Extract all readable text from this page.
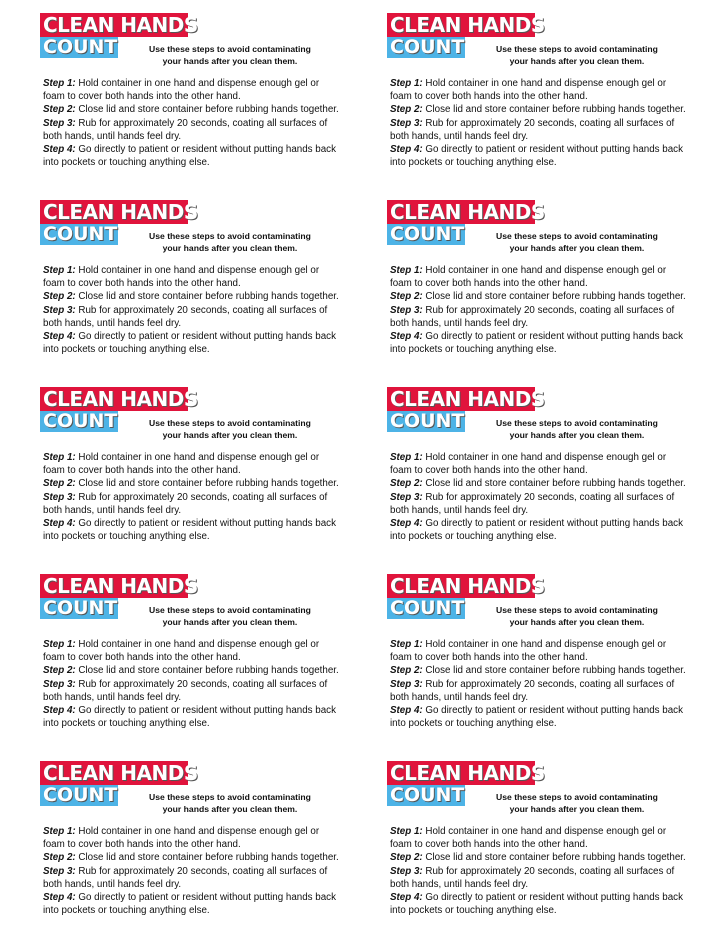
CLEAN HANDS
COUNT	Use these steps to avoid contaminating
your hands after you clean them.
Step 1: Hold container in one hand and dispense enough gel or foam to cover both hands into the other hand.
Step 2: Close lid and store container before rubbing hands together.
Step 3: Rub for approximately 20 seconds, coating all surfaces of both hands, until hands feel dry.
Step 4: Go directly to patient or resident without putting hands back into pockets or touching anything else.
CLEAN HANDS
COUNT	Use these steps to avoid contaminating
your hands after you clean them.
Step 1: Hold container in one hand and dispense enough gel or foam to cover both hands into the other hand.
Step 2: Close lid and store container before rubbing hands together.
Step 3: Rub for approximately 20 seconds, coating all surfaces of both hands, until hands feel dry.
Step 4: Go directly to patient or resident without putting hands back into pockets or touching anything else.
CLEAN HANDS
COUNT	Use these steps to avoid contaminating
your hands after you clean them.
Step 1: Hold container in one hand and dispense enough gel or foam to cover both hands into the other hand.
Step 2: Close lid and store container before rubbing hands together.
Step 3: Rub for approximately 20 seconds, coating all surfaces of both hands, until hands feel dry.
Step 4: Go directly to patient or resident without putting hands back into pockets or touching anything else.
CLEAN HANDS
COUNT	Use these steps to avoid contaminating
your hands after you clean them.
Step 1: Hold container in one hand and dispense enough gel or foam to cover both hands into the other hand.
Step 2: Close lid and store container before rubbing hands together.
Step 3: Rub for approximately 20 seconds, coating all surfaces of both hands, until hands feel dry.
Step 4: Go directly to patient or resident without putting hands back into pockets or touching anything else.
CLEAN HANDS
COUNT	Use these steps to avoid contaminating
your hands after you clean them.
Step 1: Hold container in one hand and dispense enough gel or foam to cover both hands into the other hand.
Step 2: Close lid and store container before rubbing hands together.
Step 3: Rub for approximately 20 seconds, coating all surfaces of both hands, until hands feel dry.
Step 4: Go directly to patient or resident without putting hands back into pockets or touching anything else.
CLEAN HANDS
COUNT	Use these steps to avoid contaminating
your hands after you clean them.
Step 1: Hold container in one hand and dispense enough gel or foam to cover both hands into the other hand.
Step 2: Close lid and store container before rubbing hands together.
Step 3: Rub for approximately 20 seconds, coating all surfaces of both hands, until hands feel dry.
Step 4: Go directly to patient or resident without putting hands back into pockets or touching anything else.
CLEAN HANDS
COUNT	Use these steps to avoid contaminating
your hands after you clean them.
Step 1: Hold container in one hand and dispense enough gel or foam to cover both hands into the other hand.
Step 2: Close lid and store container before rubbing hands together.
Step 3: Rub for approximately 20 seconds, coating all surfaces of both hands, until hands feel dry.
Step 4: Go directly to patient or resident without putting hands back into pockets or touching anything else.
CLEAN HANDS
COUNT	Use these steps to avoid contaminating
your hands after you clean them.
Step 1: Hold container in one hand and dispense enough gel or foam to cover both hands into the other hand.
Step 2: Close lid and store container before rubbing hands together.
Step 3: Rub for approximately 20 seconds, coating all surfaces of both hands, until hands feel dry.
Step 4: Go directly to patient or resident without putting hands back into pockets or touching anything else.
CLEAN HANDS
COUNT	Use these steps to avoid contaminating
your hands after you clean them.
Step 1: Hold container in one hand and dispense enough gel or foam to cover both hands into the other hand.
Step 2: Close lid and store container before rubbing hands together.
Step 3: Rub for approximately 20 seconds, coating all surfaces of both hands, until hands feel dry.
Step 4: Go directly to patient or resident without putting hands back into pockets or touching anything else.
CLEAN HANDS
COUNT	Use these steps to avoid contaminating
your hands after you clean them.
Step 1: Hold container in one hand and dispense enough gel or foam to cover both hands into the other hand.
Step 2: Close lid and store container before rubbing hands together.
Step 3: Rub for approximately 20 seconds, coating all surfaces of both hands, until hands feel dry.
Step 4: Go directly to patient or resident without putting hands back into pockets or touching anything else.
